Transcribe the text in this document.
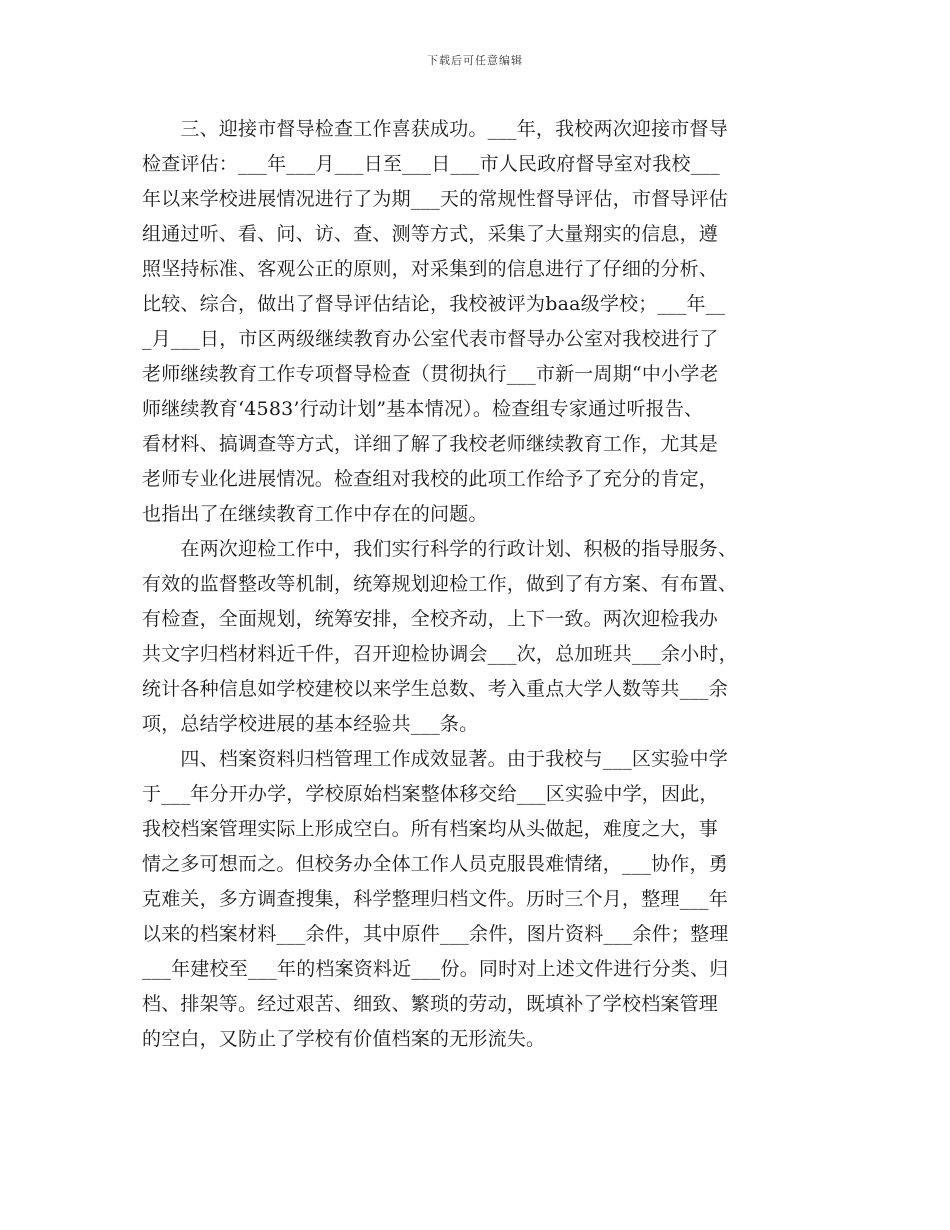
下载后可任意编辑
　　三、迎接市督导检查工作喜获成功。___年，我校两次迎接市督导
检查评估：___年___月___日至___日___市人民政府督导室对我校___
年以来学校进展情况进行了为期___天的常规性督导评估，市督导评估
组通过听、看、问、访、查、测等方式，采集了大量翔实的信息，遵
照坚持标准、客观公正的原则，对采集到的信息进行了仔细的分析、
比较、综合，做出了督导评估结论，我校被评为baa级学校；___年__
_月___日，市区两级继续教育办公室代表市督导办公室对我校进行了
老师继续教育工作专项督导检查（贯彻执行___市新一周期“中小学老
师继续教育‘4583’行动计划”基本情况）。检查组专家通过听报告、
看材料、搞调查等方式，详细了解了我校老师继续教育工作，尤其是
老师专业化进展情况。检查组对我校的此项工作给予了充分的肯定，
也指出了在继续教育工作中存在的问题。
　　在两次迎检工作中，我们实行科学的行政计划、积极的指导服务、
有效的监督整改等机制，统筹规划迎检工作，做到了有方案、有布置、
有检查，全面规划，统筹安排，全校齐动，上下一致。两次迎检我办
共文字归档材料近千件，召开迎检协调会___次，总加班共___余小时，
统计各种信息如学校建校以来学生总数、考入重点大学人数等共___余
项，总结学校进展的基本经验共___条。
　　四、档案资料归档管理工作成效显著。由于我校与___区实验中学
于___年分开办学，学校原始档案整体移交给___区实验中学，因此，
我校档案管理实际上形成空白。所有档案均从头做起，难度之大，事
情之多可想而之。但校务办全体工作人员克服畏难情绪，___协作，勇
克难关，多方调查搜集，科学整理归档文件。历时三个月，整理___年
以来的档案材料___余件，其中原件___余件，图片资料___余件；整理
___年建校至___年的档案资料近___份。同时对上述文件进行分类、归
档、排架等。经过艰苦、细致、繁琐的劳动，既填补了学校档案管理
的空白，又防止了学校有价值档案的无形流失。
